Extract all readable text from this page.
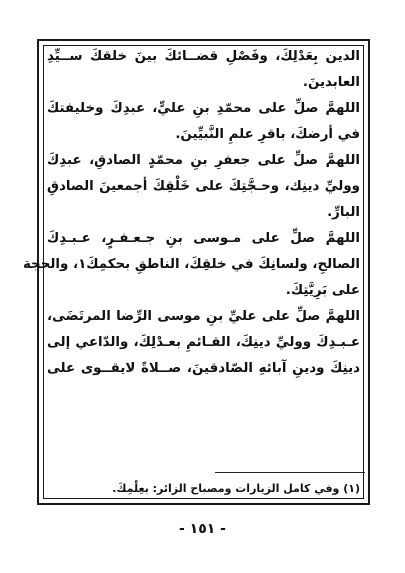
الدين بِعَدْلِكَ، وفَصْلِ قضــائكَ بينَ خلقكَ ســيِّدِ
العابدينَ.
اللهمَّ صلِّ على محمّدِ بنِ عليٍّ، عبدِكَ وخليفتكَ
في أرضكَ، باقرِ علمِ النَّبيِّينَ.
اللهمَّ صلِّ على جعفرِ بنِ محمّدٍ الصادقِ، عبدِكَ
ووليِّ دينِك، وحـجَّتِكَ على خَلْقِكَ أجمعينَ الصادقِ
البارِّ.
اللهمَّ صلِّ على مـوسى بنِ جـعـفـرٍ، عـبـدِكَ
الصالحِ، ولسانِكَ في خلقِكَ، الناطقِ بحكمِكَ١، والحجة
على بَرِيَّتِكَ.
اللهمَّ صلِّ على عليِّ بنِ موسى الرِّضا المرتَضَى،
عـبـدِكَ ووليِّ دينِكَ، القـائمِ بعـدْلِكَ، والدّاعي إلى
دينِكَ ودينِ آبائهِ الصّادقينَ، صــلاةً لايقــوى على
(١) وفي كامل الزيارات ومصباح الزائر: بعِلْمِكَ.
- ١٥١ -
